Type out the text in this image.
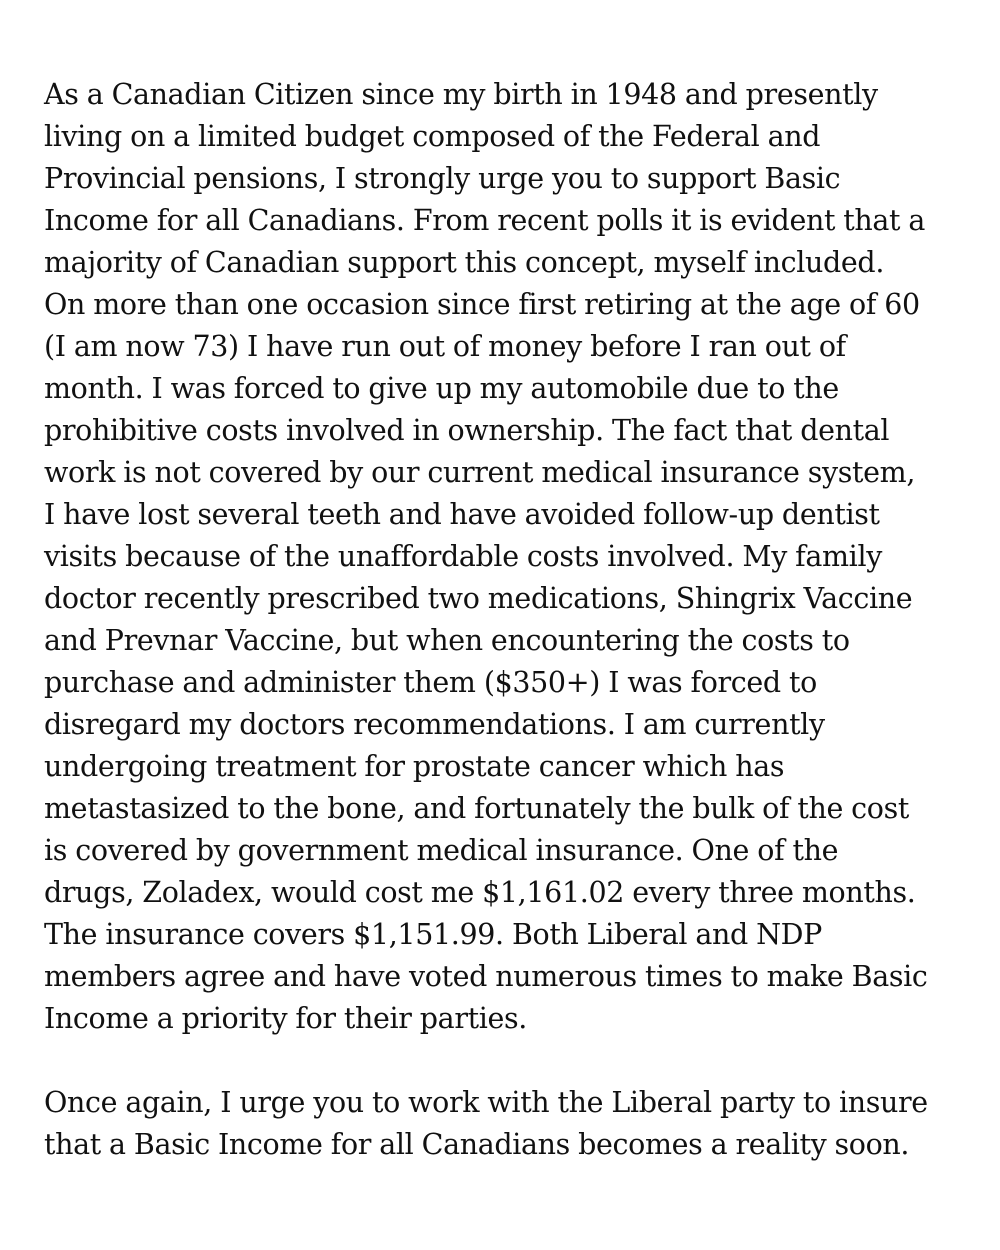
As a Canadian Citizen since my birth in 1948 and presently
living on a limited budget composed of the Federal and
Provincial pensions, I strongly urge you to support Basic
Income for all Canadians. From recent polls it is evident that a
majority of Canadian support this concept, myself included.
On more than one occasion since first retiring at the age of 60
(I am now 73) I have run out of money before I ran out of
month. I was forced to give up my automobile due to the
prohibitive costs involved in ownership. The fact that dental
work is not covered by our current medical insurance system,
I have lost several teeth and have avoided follow-up dentist
visits because of the unaffordable costs involved. My family
doctor recently prescribed two medications, Shingrix Vaccine
and Prevnar Vaccine, but when encountering the costs to
purchase and administer them ($350+) I was forced to
disregard my doctors recommendations. I am currently
undergoing treatment for prostate cancer which has
metastasized to the bone, and fortunately the bulk of the cost
is covered by government medical insurance. One of the
drugs, Zoladex, would cost me $1,161.02 every three months.
The insurance covers $1,151.99. Both Liberal and NDP
members agree and have voted numerous times to make Basic
Income a priority for their parties.
Once again, I urge you to work with the Liberal party to insure
that a Basic Income for all Canadians becomes a reality soon.
